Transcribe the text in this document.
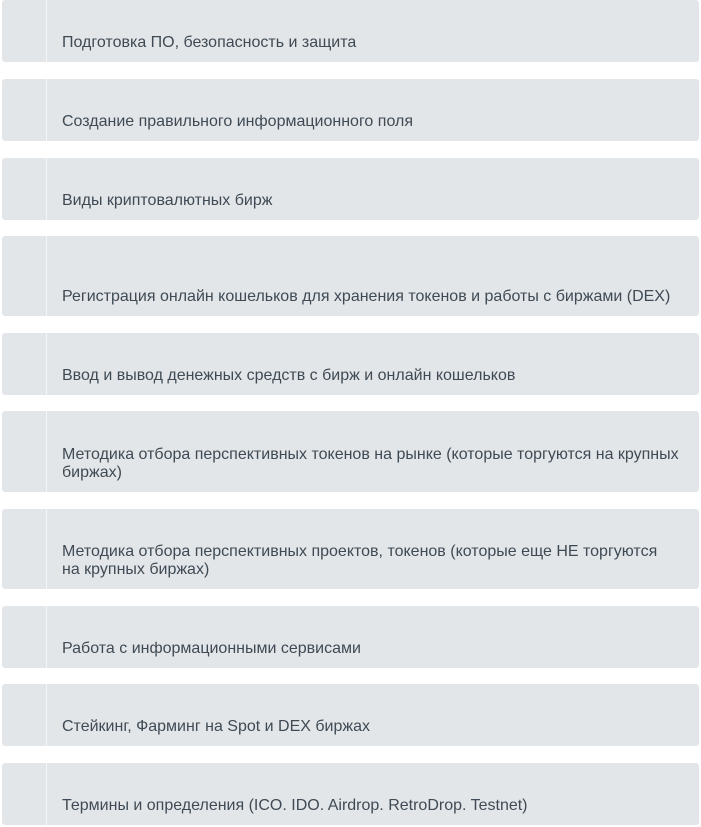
Подготовка ПО, безопасность и защита
Создание правильного информационного поля
Виды криптовалютных бирж
Регистрация онлайн кошельков для хранения токенов и работы с биржами (DEX)
Ввод и вывод денежных средств с бирж и онлайн кошельков
Методика отбора перспективных токенов на рынке (которые торгуются на крупных биржах)
Методика отбора перспективных проектов, токенов (которые еще НЕ торгуются на крупных биржах)
Работа с информационными сервисами
Стейкинг, Фарминг на Spot и DEX биржах
Термины и определения (ICO. IDO. Airdrop. RetroDrop. Testnet)
